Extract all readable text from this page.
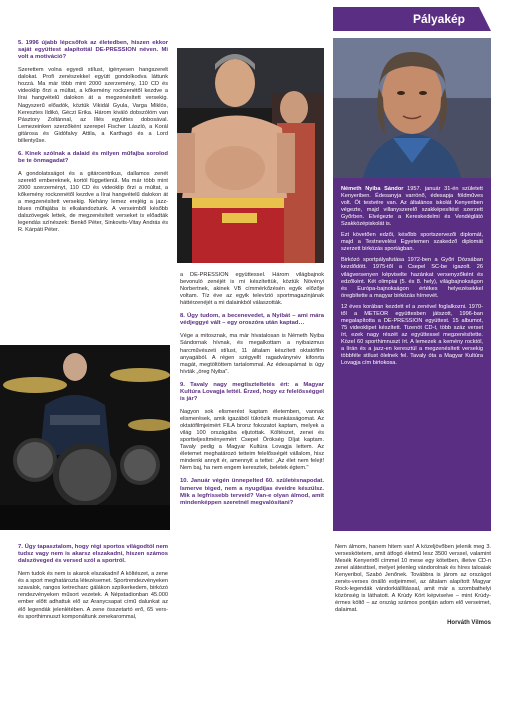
Pályakép
5. 1996 újabb lépcsőfok az életedben, hiszen ekkor saját együttest alapítottál DE-PRESSION néven. Mi volt a motiváció?

Szerettem volna egyedi stílust, igényesen hangszerelt dalokat. Profi zenészekkel együtt gondolkodva láttunk hozzá. Ma már több mint 2000 szerzemény, 110 CD és videoklip őrzi a múltat, a kőkemény rockzenétől kezdve a lírai hangvételű dalokon át a megzenésített versekig. Nagyszerű előadók, köztük Vikidál Gyula, Varga Miklós, Keresztes Ildikó, Géczi Erika. Három kiváló dobszólóm van Pásztory Zoltánnal, az Illés együttes dobosával. Lemezeinken szerzőként szerepel Fischer László, a Korál gitárosa és Gidófalvy Attila, a Karthagó és a Lord billentyűse.

6. Kinek szólnak a dalaid és milyen műfajba sorolod be te önmagadat?

A gondolatsságot és a gitárcentrikus, dallamos zenét szerető embereknek, kortól függetlenül. Ma már több mint 2000 szerzeményt, 110 CD és videoklip őrzi a múltat, a kőkemény rockzenétől kezdve a lírai hangvételű dalokon át a megzenésített versekig. Nehány lemez erejéig a jazz-blues műfajába is elkalandoztunk. A verseimből később dalszövegek lettek, de megzenésített verseket is előadták legendás színészek: Benkő Péter, Sinkovits-Vitay András és R. Kárpáti Péter.

Németh Nyiba Sándor 1957. január 31-én született Kenyeriben. Édesanyja varrónő, édesapja földműves volt. Öt testvére van. Az általános iskolát Kenyeriben végezte, majd villanyszerelő szakképesítést szerzett Győrben. Elvégezte a Kereskedelmi és Vendéglátó Szakközépiskolát is.

Ezt követően edzői, később sportszervezői diplomát, majd a Testnevelési Egyetemen szakedző diplomát szerzett birkózás sportágban.

Birkózó sportpályafutása 1972-ben a Győri Dózsában kezdődött. 1975-től a Csepel SC-be igazolt. 26 világversenyen képviselte hazánkat versenyzőként és edzőként. Két olimpiai (5. és 8. hely), világbajnokságon és Európa-bajnokságon értékes helyezésekkel öregbítette a magyar birkózás hírnevét.

12 éves korában kezdett el a zenével foglalkozni. 1970-től a METEOR együttesben játszott, 1996-ban megalapította a DE-PRESSION együttest. 15 albumot, 75 videoklipet készített. Tizenöt CD-t, több száz verset írt, ezek nagy részét az együttessel megzenésítette. Közel 60 sporthimnuszt írt. A lemezek a kemény rocktól, a lírán és a jazz-en keresztül a megzenésített versekig többféle stílust ölelnek fel. Tavaly óta a Magyar Kultúra Lovagja cím birtokosa.

a DE-PRESSION együttessel. Három világbajnok bevonuló zenéjét is mi készítettük, köztük Növényi Norbertnek, akinek VB címmérkőzésén egyik előzője voltam. Tíz éve az egyik televízió sportmagazinjának háttérzenéjét a mi dalainkból válaszották.

8. Úgy tudom, a becenevedet, a Nyibát – ami mára védjeggyé vált – egy oroszóra után kaptad…

Vége a mitosznak, ma már hivatalosan is Németh Nyiba Sándornak hívnak, és megalkottam a nyibaizmus harcművészeti stílust, 11 általam készített oktatófilm anyagából. A régen szégyellt ragadványnév kifonrta magát, megtöltöttem tartalommal. Az édesapámat is úgy hívták „öreg Nyiba".

9. Tavaly nagy megtiszteltetés ért: a Magyar Kultúra Lovagja lettél. Érzed, hogy ez felelősséggel is jár?

Nagyon sok elismerést kaptam életemben, vannak elismerések, amik igazából tükrözik munkásságomat. Az oktatófilmjeimért FILA bronz fokozatot kaptam, melyek a világ 100 országába eljutottak. Költészet, zenei és sportteljesítményemért Csepel Örökség Díjat kaptam. Tavaly pedig a Magyar Kultúra Lovagja lettem. Az életemet meghatározó tetteim felelősségét vállalom, hisz mindenki annyit ér, amennyit a tettei: „Az élet nem felejt! Nem baj, ha nem engem keresztek, beletek égtem."

10. Január végén ünnepelted 60. születésnapodat. Ismerve téged, nem a nyugdíjas éveidre készülsz. Mik a legfrissebb terveid? Van-e olyan álmod, amit mindenképpen szeretnél megvalósítani?
7. Úgy tapasztalom, hogy régi sportos világodtól nem tudsz vagy nem is akarsz elszakadni, hiszen számos dalszöveged és versed szól a sportról.

Nem tudok és nem is akarok elszakadni! A költészet, a zene és a sport meghatározta létezésemet. Sportrendezvényeken szavalok, rangos ketrecharc gálákon szpíkerkedem, birkózó rendezvényeken műsort vezetek. A Népstadionban 45.000 ember előtt adhattuk elő az Aranycsapat című dalunkat az élő legendák jelenlétében. A zene összetartó erő, 65 vers- és sporthimnuszt komponáltunk zenekarommal,

Nem álmom, hanem hitem van! A közeljövőben jelenik meg 3. verseskötetem, amit átfogó életmű lesz 3500 verssel, valamint Mesék Kenyeriről címmel 10 mese egy kötetben, illetve CD-n zenei alátesttsel, melyet jelenleg vándorolnak és híres taloaiak Kenyeribol, Szabó Jenőnek. Továbbra is járom az országot zenés-verses önálló estjeimmel, az általam alapított Magyar Rock-legendák vándorkiállítással, amit már a szombathelyi közönség is láthatott. A Krúdy Kört képviselve – mint Krúdy-érmes költő – az ország számos pontján adom elő verseimet, dalaimat.

Horváth Vilmos
